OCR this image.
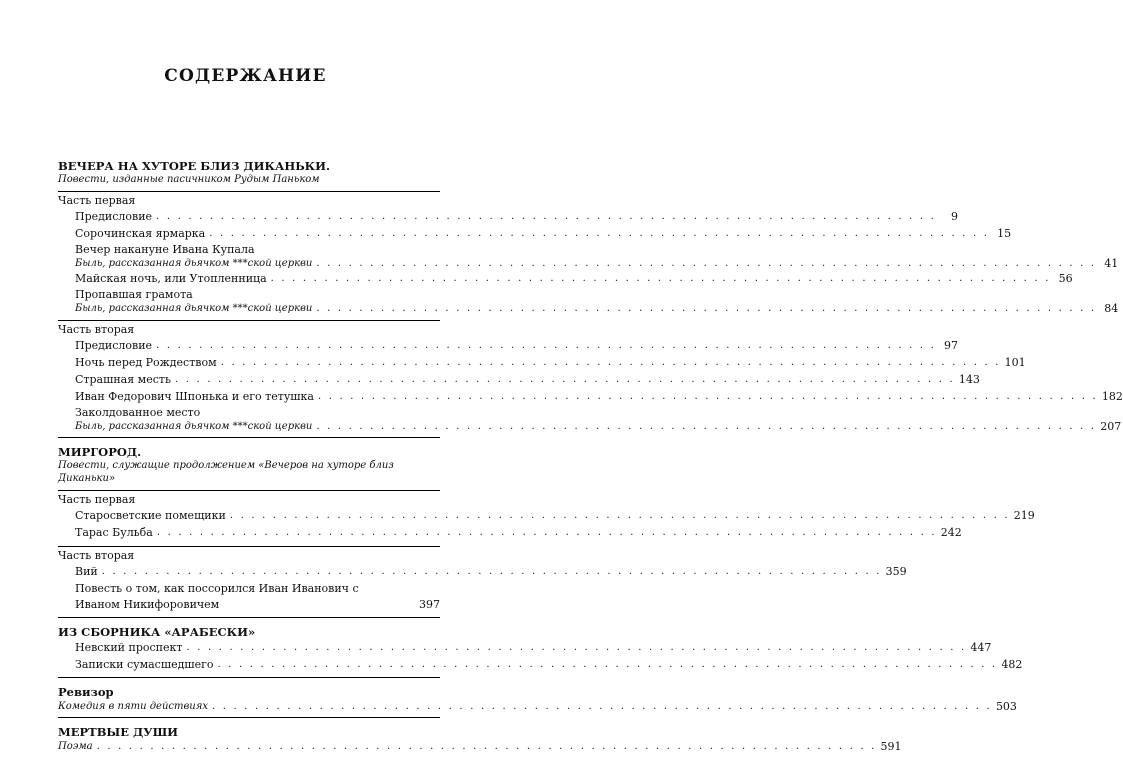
СОДЕРЖАНИЕ
ВЕЧЕРА НА ХУТОРЕ БЛИЗ ДИКАНЬКИ.
Повести, изданные пасичником Рудым Паньком
Часть первая
Предисловие . . . . . . . . . . . . . . . . . . . . . . . . . . . . . . . . . . . . . . . . . . . . . . . . . . . . . . . . . . . . . . . . . . . . . . . . .	9
Сорочинская ярмарка . . . . . . . . . . . . . . . . . . . . . . . . . . . . . . . . . . . . . . . . . . . . . . . . . . . . . . . . . . . . . . . . . . . . . . . . . 15
Вечер накануне Ивана Купала
Быль, рассказанная дьячком ***ской церкви . . . . . . . . . . . . . . . . . . . . . . . . . . . . . . . . . . . . . . . . . . . . . . . . . . . . . . . . . . . . . . . . . . . . . . . . . 41
Майская ночь, или Утопленница . . . . . . . . . . . . . . . . . . . . . . . . . . . . . . . . . . . . . . . . . . . . . . . . . . . . . . . . . . . . . . . . . . . . . . . . . 56
Пропавшая грамота
Быль, рассказанная дьячком ***ской церкви . . . . . . . . . . . . . . . . . . . . . . . . . . . . . . . . . . . . . . . . . . . . . . . . . . . . . . . . . . . . . . . . . . . . . . . . . 84
Часть вторая
Предисловие . . . . . . . . . . . . . . . . . . . . . . . . . . . . . . . . . . . . . . . . . . . . . . . . . . . . . . . . . . . . . . . . . . . . . . . . . 97
Ночь перед Рождеством . . . . . . . . . . . . . . . . . . . . . . . . . . . . . . . . . . . . . . . . . . . . . . . . . . . . . . . . . . . . . . . . . . . . . . . . . 101
Страшная месть . . . . . . . . . . . . . . . . . . . . . . . . . . . . . . . . . . . . . . . . . . . . . . . . . . . . . . . . . . . . . . . . . . . . . . . . . 143
Иван Федорович Шпонька и его тетушка . . . . . . . . . . . . . . . . . . . . . . . . . . . . . . . . . . . . . . . . . . . . . . . . . . . . . . . . . . . . . . . . . . . . . . . . . 182
Заколдованное место
Быль, рассказанная дьячком ***ской церкви . . . . . . . . . . . . . . . . . . . . . . . . . . . . . . . . . . . . . . . . . . . . . . . . . . . . . . . . . . . . . . . . . . . . . . . . . 207
МИРГОРОД.
Повести, служащие продолжением «Вечеров на хуторе близ Диканьки»
Часть первая
Старосветские помещики . . . . . . . . . . . . . . . . . . . . . . . . . . . . . . . . . . . . . . . . . . . . . . . . . . . . . . . . . . . . . . . . . . . . . . . . . 219
Тарас Бульба . . . . . . . . . . . . . . . . . . . . . . . . . . . . . . . . . . . . . . . . . . . . . . . . . . . . . . . . . . . . . . . . . . . . . . . . . 242
Часть вторая
Вий . . . . . . . . . . . . . . . . . . . . . . . . . . . . . . . . . . . . . . . . . . . . . . . . . . . . . . . . . . . . . . . . . . . . . . . . . 359
Повесть о том, как поссорился Иван Иванович с Иваном Никифоровичем	397
ИЗ СБОРНИКА «АРАБЕСКИ»
Невский проспект . . . . . . . . . . . . . . . . . . . . . . . . . . . . . . . . . . . . . . . . . . . . . . . . . . . . . . . . . . . . . . . . . . . . . . . . . 447
Записки сумасшедшего . . . . . . . . . . . . . . . . . . . . . . . . . . . . . . . . . . . . . . . . . . . . . . . . . . . . . . . . . . . . . . . . . . . . . . . . . 482
Ревизор
Комедия в пяти действиях . . . . . . . . . . . . . . . . . . . . . . . . . . . . . . . . . . . . . . . . . . . . . . . . . . . . . . . . . . . . . . . . . . . . . . . . . 503
МЕРТВЫЕ ДУШИ
Поэма . . . . . . . . . . . . . . . . . . . . . . . . . . . . . . . . . . . . . . . . . . . . . . . . . . . . . . . . . . . . . . . . . . . . . . . . . 591
